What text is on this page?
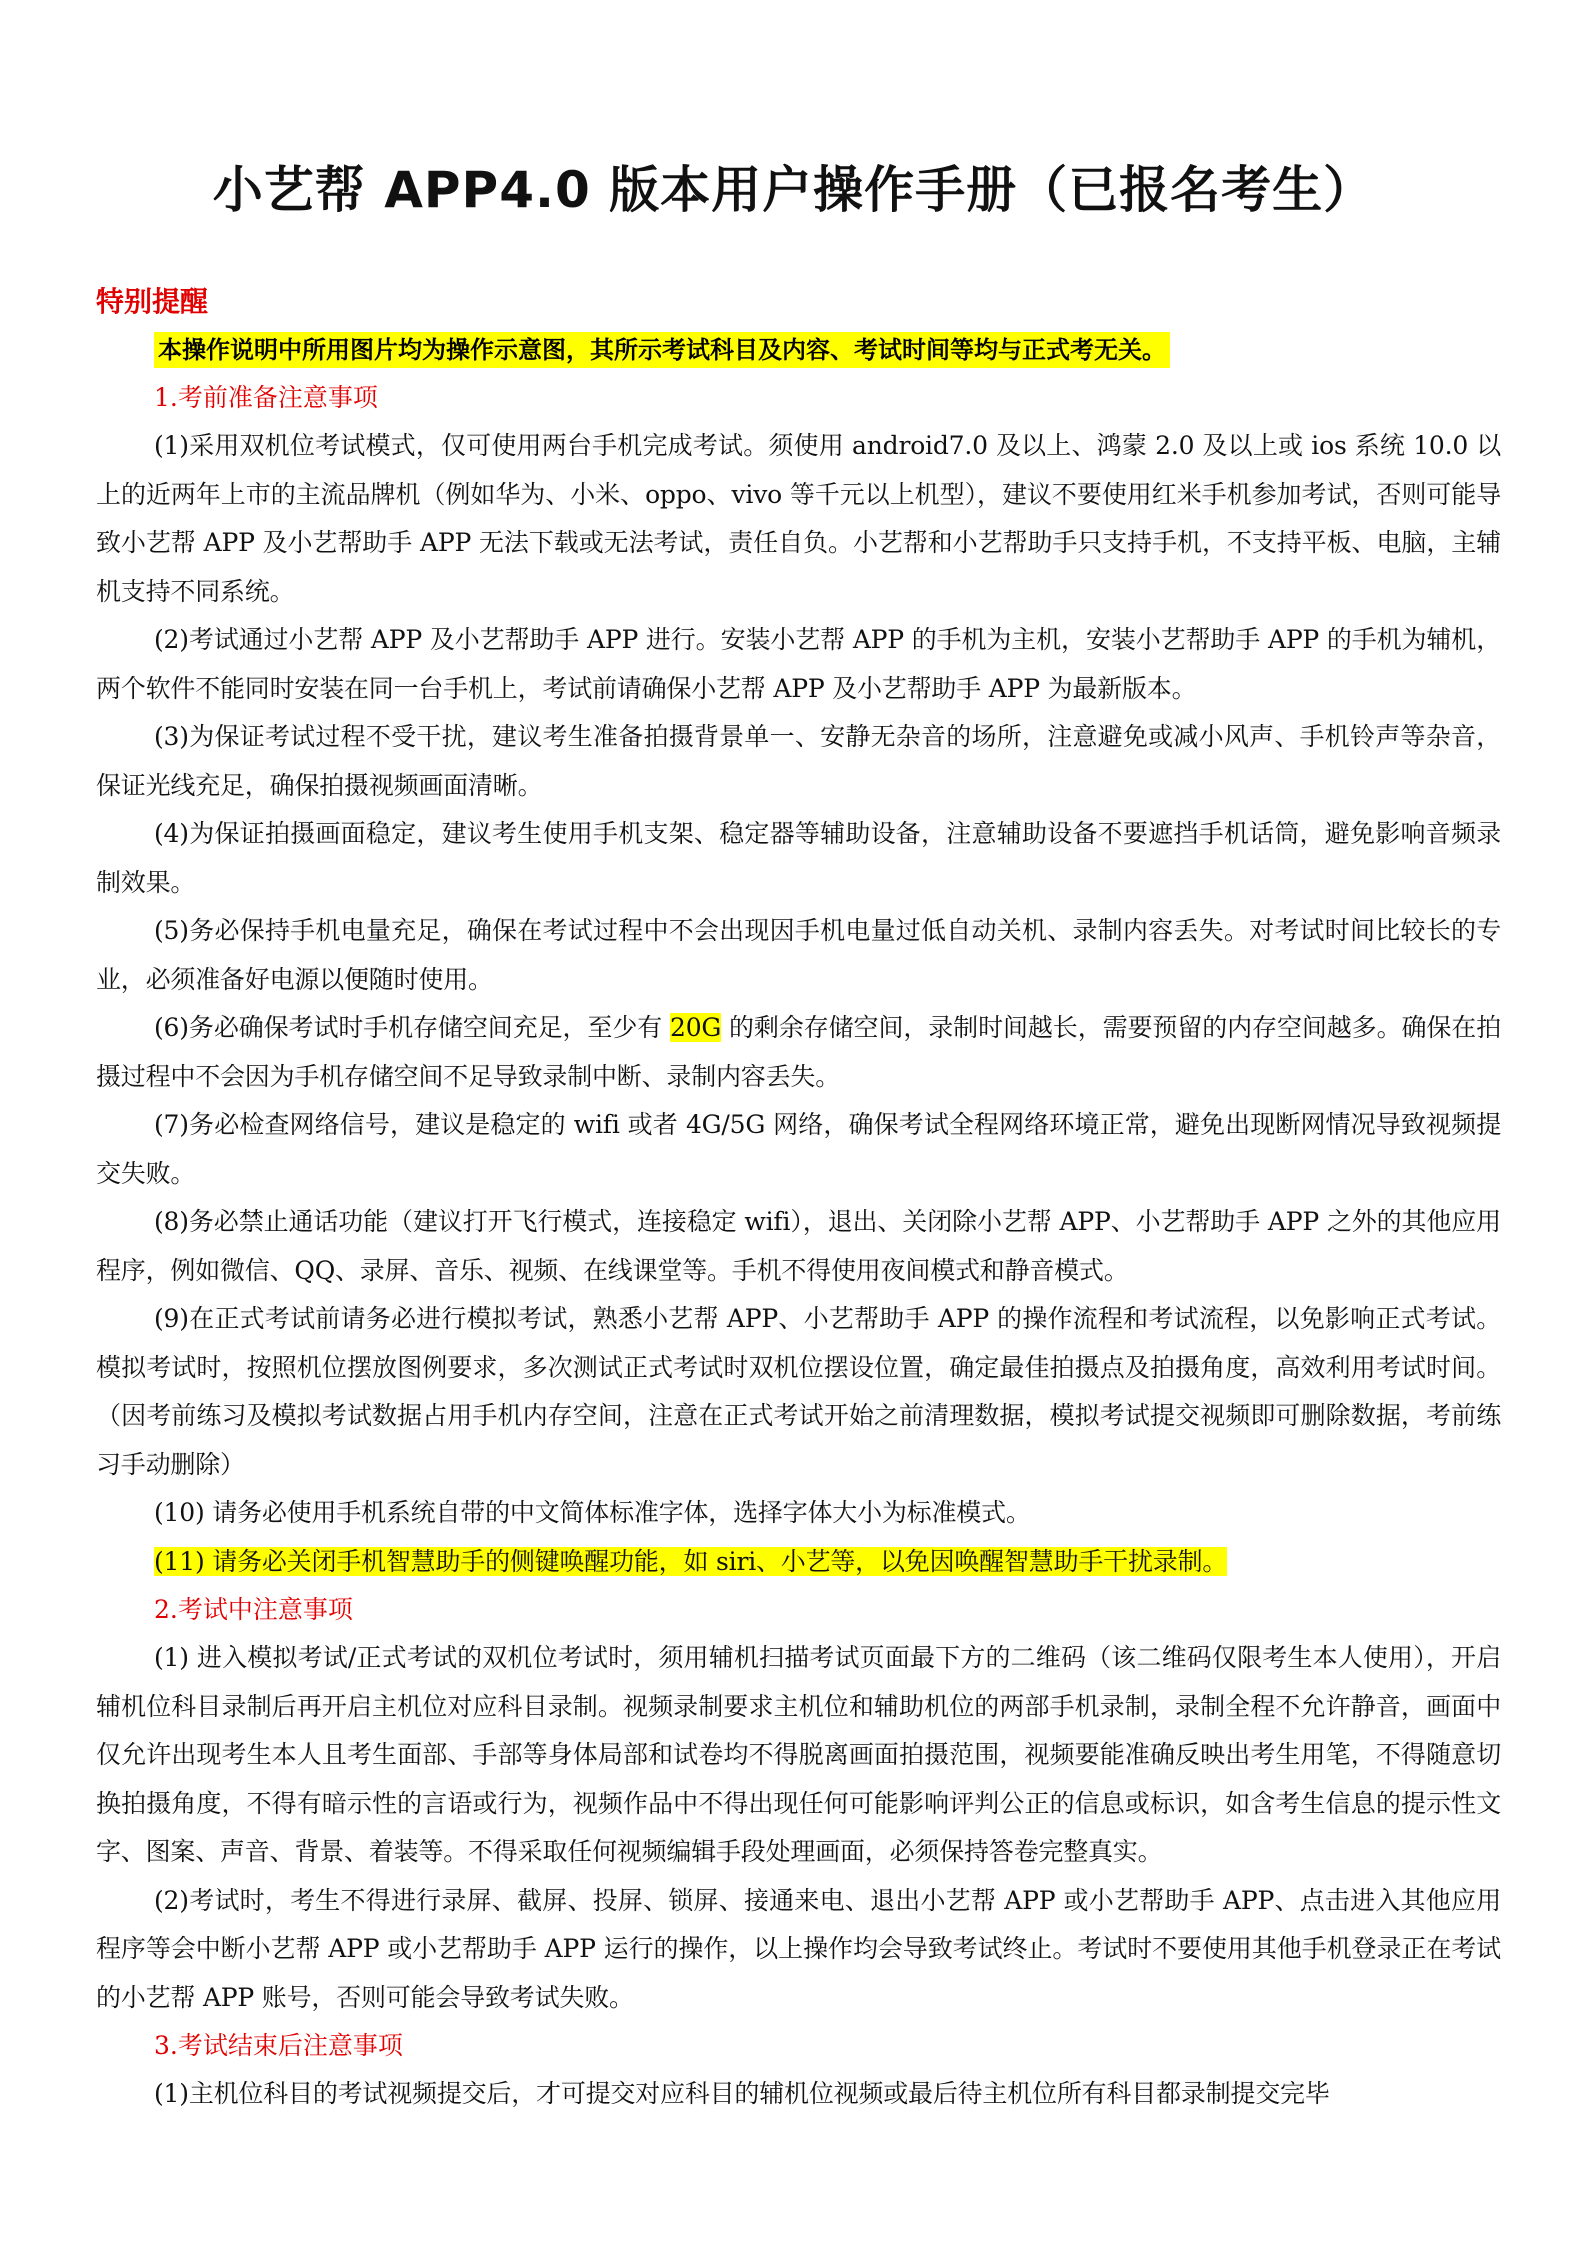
小艺帮 APP4.0 版本用户操作手册（已报名考生）
特别提醒
本操作说明中所用图片均为操作示意图，其所示考试科目及内容、考试时间等均与正式考无关。
1.考前准备注意事项

(1)采用双机位考试模式，仅可使用两台手机完成考试。须使用 android7.0 及以上、鸿蒙 2.0 及以上或 ios 系统 10.0 以上的近两年上市的主流品牌机（例如华为、小米、oppo、vivo 等千元以上机型），建议不要使用红米手机参加考试，否则可能导致小艺帮 APP 及小艺帮助手 APP 无法下载或无法考试，责任自负。小艺帮和小艺帮助手只支持手机，不支持平板、电脑，主辅机支持不同系统。

(2)考试通过小艺帮 APP 及小艺帮助手 APP 进行。安装小艺帮 APP 的手机为主机，安装小艺帮助手 APP 的手机为辅机，两个软件不能同时安装在同一台手机上，考试前请确保小艺帮 APP 及小艺帮助手 APP 为最新版本。

(3)为保证考试过程不受干扰，建议考生准备拍摄背景单一、安静无杂音的场所，注意避免或减小风声、手机铃声等杂音，保证光线充足，确保拍摄视频画面清晰。

(4)为保证拍摄画面稳定，建议考生使用手机支架、稳定器等辅助设备，注意辅助设备不要遮挡手机话筒，避免影响音频录制效果。

(5)务必保持手机电量充足，确保在考试过程中不会出现因手机电量过低自动关机、录制内容丢失。对考试时间比较长的专业，必须准备好电源以便随时使用。

(6)务必确保考试时手机存储空间充足，至少有 20G 的剩余存储空间，录制时间越长，需要预留的内存空间越多。确保在拍摄过程中不会因为手机存储空间不足导致录制中断、录制内容丢失。

(7)务必检查网络信号，建议是稳定的 wifi 或者 4G/5G 网络，确保考试全程网络环境正常，避免出现断网情况导致视频提交失败。

(8)务必禁止通话功能（建议打开飞行模式，连接稳定 wifi），退出、关闭除小艺帮 APP、小艺帮助手 APP 之外的其他应用程序，例如微信、QQ、录屏、音乐、视频、在线课堂等。手机不得使用夜间模式和静音模式。

(9)在正式考试前请务必进行模拟考试，熟悉小艺帮 APP、小艺帮助手 APP 的操作流程和考试流程，以免影响正式考试。模拟考试时，按照机位摆放图例要求，多次测试正式考试时双机位摆设位置，确定最佳拍摄点及拍摄角度，高效利用考试时间。（因考前练习及模拟考试数据占用手机内存空间，注意在正式考试开始之前清理数据，模拟考试提交视频即可删除数据，考前练习手动删除）

(10) 请务必使用手机系统自带的中文简体标准字体，选择字体大小为标准模式。

(11) 请务必关闭手机智慧助手的侧键唤醒功能，如 siri、小艺等，以免因唤醒智慧助手干扰录制。

2.考试中注意事项

(1) 进入模拟考试/正式考试的双机位考试时，须用辅机扫描考试页面最下方的二维码（该二维码仅限考生本人使用），开启辅机位科目录制后再开启主机位对应科目录制。视频录制要求主机位和辅助机位的两部手机录制，录制全程不允许静音，画面中仅允许出现考生本人且考生面部、手部等身体局部和试卷均不得脱离画面拍摄范围，视频要能准确反映出考生用笔，不得随意切换拍摄角度，不得有暗示性的言语或行为，视频作品中不得出现任何可能影响评判公正的信息或标识，如含考生信息的提示性文字、图案、声音、背景、着装等。不得采取任何视频编辑手段处理画面，必须保持答卷完整真实。

(2)考试时，考生不得进行录屏、截屏、投屏、锁屏、接通来电、退出小艺帮 APP 或小艺帮助手 APP、点击进入其他应用程序等会中断小艺帮 APP 或小艺帮助手 APP 运行的操作，以上操作均会导致考试终止。考试时不要使用其他手机登录正在考试的小艺帮 APP 账号，否则可能会导致考试失败。

3.考试结束后注意事项

(1)主机位科目的考试视频提交后，才可提交对应科目的辅机位视频或最后待主机位所有科目都录制提交完毕
